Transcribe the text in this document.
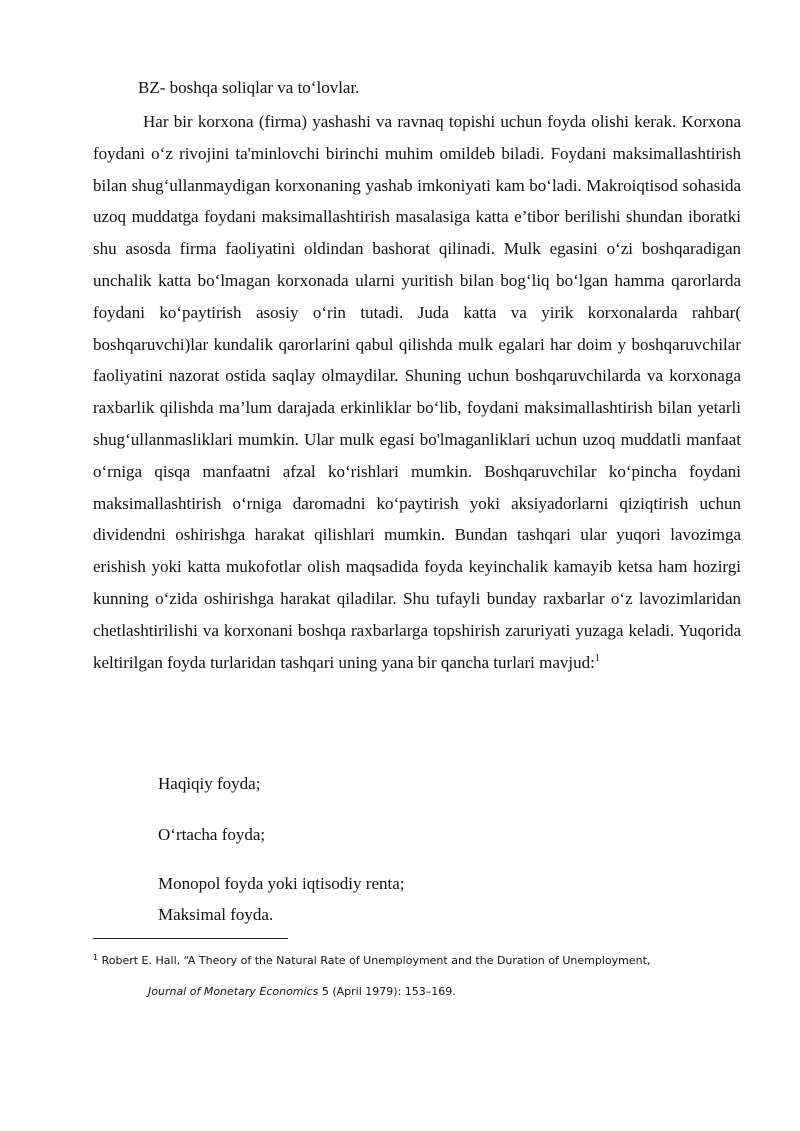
BZ- boshqa soliqlar va to‘lovlar.

Har bir korxona (firma) yashashi va ravnaq topishi uchun foyda olishi kerak. Korxona foydani o‘z rivojini ta'minlovchi birinchi muhim omildeb biladi. Foydani maksimallashtirish bilan shug‘ullanmaydigan korxonaning yashab imkoniyati kam bo‘ladi. Makroiqtisod sohasida uzoq muddatga foydani maksimallashtirish masalasiga katta e’tibor berilishi shundan iboratki shu asosda firma faoliyatini oldindan bashorat qilinadi. Mulk egasini o‘zi boshqaradigan unchalik katta bo‘lmagan korxonada ularni yuritish bilan bog‘liq bo‘lgan hamma qarorlarda foydani ko‘paytirish asosiy o‘rin tutadi. Juda katta va yirik korxonalarda rahbar( boshqaruvchi)lar kundalik qarorlarini qabul qilishda mulk egalari har doim y boshqaruvchilar faoliyatini nazorat ostida saqlay olmaydilar. Shuning uchun boshqaruvchilarda va korxonaga raxbarlik qilishda ma’lum darajada erkinliklar bo‘lib, foydani maksimallashtirish bilan yetarli shug‘ullanmasliklari mumkin. Ular mulk egasi bo'lmaganliklari uchun uzoq muddatli manfaat o‘rniga qisqa manfaatni afzal ko‘rishlari mumkin. Boshqaruvchilar ko‘pincha foydani maksimallashtirish o‘rniga daromadni ko‘paytirish yoki aksiyadorlarni qiziqtirish uchun dividendni oshirishga harakat qilishlari mumkin. Bundan tashqari ular yuqori lavozimga erishish yoki katta mukofotlar olish maqsadida foyda keyinchalik kamayib ketsa ham hozirgi kunning o‘zida oshirishga harakat qiladilar. Shu tufayli bunday raxbarlar o‘z lavozimlaridan chetlashtirilishi va korxonani boshqa raxbarlarga topshirish zaruriyati yuzaga keladi. Yuqorida keltirilgan foyda turlaridan tashqari uning yana bir qancha turlari mavjud:$^1$

Haqiqiy foyda;
O‘rtacha foyda;
Monopol foyda yoki iqtisodiy renta;
Maksimal foyda.
$^1$ Robert E. Hall, “A Theory of the Natural Rate of Unemployment and the Duration of Unemployment,
Journal of Monetary Economics 5 (April 1979): 153–169.
